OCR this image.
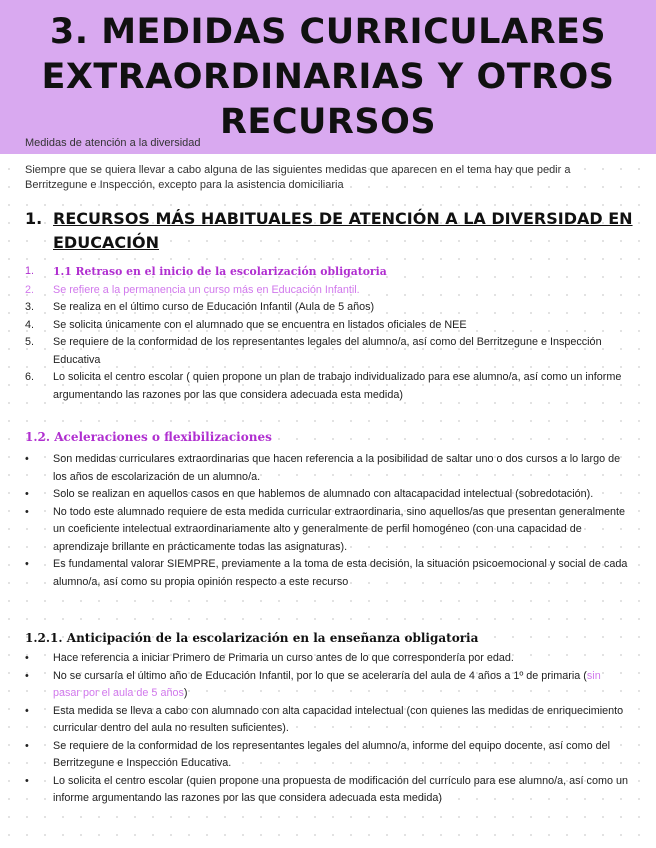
3. MEDIDAS CURRICULARES
EXTRAORDINARIAS Y OTROS
RECURSOS
Medidas de atención a la diversidad
Siempre que se quiera llevar a cabo alguna de las siguientes medidas que aparecen en el tema hay que pedir a Berritzegune e Inspección, excepto para la asistencia domiciliaria
1. RECURSOS MÁS HABITUALES DE ATENCIÓN A LA DIVERSIDAD EN EDUCACIÓN
1. 1.1 Retraso en el inicio de la escolarización obligatoria
2. Se refiere a la permanencia un curso más en Educación Infantil.
3. Se realiza en el último curso de Educación Infantil (Aula de 5 años)
4. Se solicita únicamente con el alumnado que se encuentra en listados oficiales de NEE
5. Se requiere de la conformidad de los representantes legales del alumno/a, así como del Berritzegune e Inspección Educativa
6. Lo solicita el centro escolar ( quien propone un plan de trabajo individualizado para ese alumno/a, así como un informe argumentando las razones por las que considera adecuada esta medida)
1.2. Aceleraciones o flexibilizaciones
• Son medidas curriculares extraordinarias que hacen referencia a la posibilidad de saltar uno o dos cursos a lo largo de los años de escolarización de un alumno/a.
• Solo se realizan en aquellos casos en que hablemos de alumnado con altacapacidad intelectual (sobredotación).
• No todo este alumnado requiere de esta medida curricular extraordinaria, sino aquellos/as que presentan generalmente un coeficiente intelectual extraordinariamente alto y generalmente de perfil homogéneo (con una capacidad de aprendizaje brillante en prácticamente todas las asignaturas).
• Es fundamental valorar SIEMPRE, previamente a la toma de esta decisión, la situación psicoemocional y social de cada alumno/a, así como su propia opinión respecto a este recurso
1.2.1. Anticipación de la escolarización en la enseñanza obligatoria
• Hace referencia a iniciar Primero de Primaria un curso antes de lo que correspondería por edad.
• No se cursaría el último año de Educación Infantil, por lo que se aceleraría del aula de 4 años a 1º de primaria (sin pasar por el aula de 5 años)
• Esta medida se lleva a cabo con alumnado con alta capacidad intelectual (con quienes las medidas de enriquecimiento curricular dentro del aula no resulten suficientes).
• Se requiere de la conformidad de los representantes legales del alumno/a, informe del equipo docente, así como del Berritzegune e Inspección Educativa.
• Lo solicita el centro escolar (quien propone una propuesta de modificación del currículo para ese alumno/a, así como un informe argumentando las razones por las que considera adecuada esta medida)
